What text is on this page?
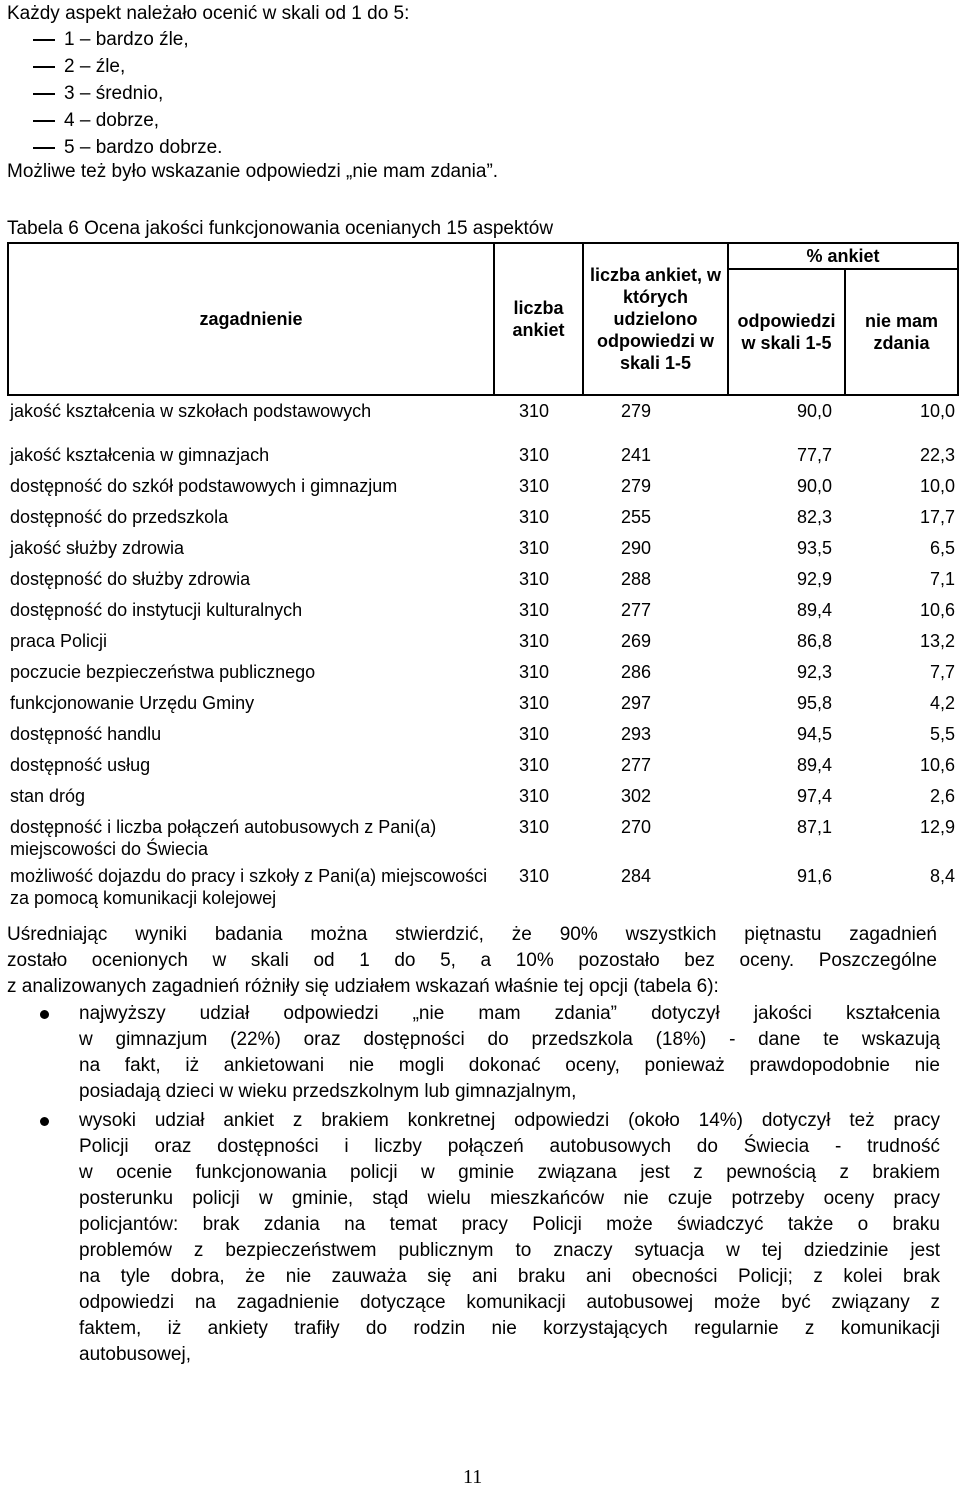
Każdy aspekt należało ocenić w skali od 1 do 5:
1 – bardzo źle,
2 – źle,
3 – średnio,
4 – dobrze,
5 – bardzo dobrze.
Możliwe też było wskazanie odpowiedzi „nie mam zdania”.
Tabela 6 Ocena jakości funkcjonowania ocenianych 15 aspektów
zagadnienie	liczba ankiet	liczba ankiet, w których udzielono odpowiedzi w skali 1-5	% ankiet	
			odpowiedzi w skali 1-5	nie mam zdania
jakość kształcenia w szkołach podstawowych	310	279	90,0	10,0
jakość kształcenia w gimnazjach	310	241	77,7	22,3
dostępność do szkół podstawowych i gimnazjum	310	279	90,0	10,0
dostępność do przedszkola	310	255	82,3	17,7
jakość służby zdrowia	310	290	93,5	6,5
dostępność do służby zdrowia	310	288	92,9	7,1
dostępność do instytucji kulturalnych	310	277	89,4	10,6
praca Policji	310	269	86,8	13,2
poczucie bezpieczeństwa publicznego	310	286	92,3	7,7
funkcjonowanie Urzędu Gminy	310	297	95,8	4,2
dostępność handlu	310	293	94,5	5,5
dostępność usług	310	277	89,4	10,6
stan dróg	310	302	97,4	2,6
dostępność i liczba połączeń autobusowych z Pani(a) miejscowości do Świecia	310	270	87,1	12,9
możliwość dojazdu do pracy i szkoły z Pani(a) miejscowości za pomocą komunikacji kolejowej	310	284	91,6	8,4
Uśredniając wyniki badania można stwierdzić, że 90% wszystkich piętnastu zagadnień
zostało ocenionych w skali od 1 do 5, a 10% pozostało bez oceny. Poszczególne
z analizowanych zagadnień różniły się udziałem wskazań właśnie tej opcji (tabela 6):
najwyższy udział odpowiedzi „nie mam zdania” dotyczył jakości kształcenia
w gimnazjum (22%) oraz dostępności do przedszkola (18%) - dane te wskazują
na fakt, iż ankietowani nie mogli dokonać oceny, ponieważ prawdopodobnie nie
posiadają dzieci w wieku przedszkolnym lub gimnazjalnym,
wysoki udział ankiet z brakiem konkretnej odpowiedzi (około 14%) dotyczył też pracy
Policji oraz dostępności i liczby połączeń autobusowych do Świecia - trudność
w ocenie funkcjonowania policji w gminie związana jest z pewnością z brakiem
posterunku policji w gminie, stąd wielu mieszkańców nie czuje potrzeby oceny pracy
policjantów: brak zdania na temat pracy Policji może świadczyć także o braku
problemów z bezpieczeństwem publicznym to znaczy sytuacja w tej dziedzinie jest
na tyle dobra, że nie zauważa się ani braku ani obecności Policji; z kolei brak
odpowiedzi na zagadnienie dotyczące komunikacji autobusowej może być związany z
faktem, iż ankiety trafiły do rodzin nie korzystających regularnie z komunikacji
autobusowej,
11
